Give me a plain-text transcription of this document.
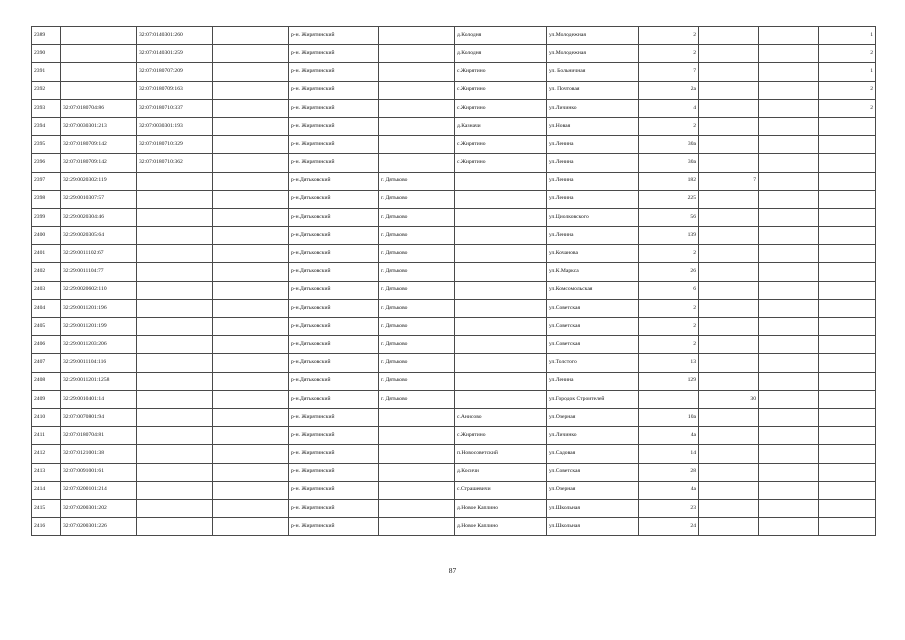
2389		32:07:0140301:260		р-н. Жирятинский		д.Колодня	ул.Молодежная	2			1
2390		32:07:0140301:259		р-н. Жирятинский		д.Колодня	ул.Молодежная	2			2
2391		32:07:0180707:209		р-н. Жирятинский		с.Жирятино	ул. Больничная	7			1
2392		32:07:0180709:163		р-н. Жирятинский		с.Жирятино	ул. Почтовая	2а			2
2393	32:07:0180704:86	32:07:0180710:337		р-н. Жирятинский		с.Жирятино	ул.Личинко	4			2
2394	32:07:0030301:213	32:07:0030301:193		р-н. Жирятинский		д.Казначи	ул.Новая	2			
2395	32:07:0180709:142	32:07:0180710:329		р-н. Жирятинский		с.Жирятино	ул.Ленина	30а			
2396	32:07:0180709:142	32:07:0180710:362		р-н. Жирятинский		с.Жирятино	ул.Ленина	30а			
2397	32:29:0020302:119			р-н.Дятьковский	г. Дятьково		ул.Ленина	182	7		
2398	32:29:0010307:57			р-н.Дятьковский	г. Дятьково		ул.Ленина	225			
2399	32:29:0020304:46			р-н.Дятьковский	г. Дятьково		ул.Циолковского	56			
2400	32:29:0020305:64			р-н.Дятьковский	г. Дятьково		ул.Ленина	139			
2401	32:29:0011102:67			р-н.Дятьковский	г. Дятьково		ул.Кочанова	2			
2402	32:29:0011104:77			р-н.Дятьковский	г. Дятьково		ул.К.Маркса	26			
2403	32:29:0020602:110			р-н.Дятьковский	г. Дятьково		ул.Комсомольская	6			
2404	32:29:0011201:196			р-н.Дятьковский	г. Дятьково		ул.Советская	2			
2405	32:29:0011201:199			р-н.Дятьковский	г. Дятьково		ул.Советская	2			
2406	32:29:0011203:206			р-н.Дятьковский	г. Дятьково		ул.Советская	2			
2407	32:29:0011104:116			р-н.Дятьковский	г. Дятьково		ул.Толстого	13			
2408	32:29:0011201:1258			р-н.Дятьковский	г. Дятьково		ул.Ленина	129			
2409	32:29:0010401:14			р-н.Дятьковский	г. Дятьково		ул.Городок Строителей		30		
2410	32:07:0070801:94			р-н. Жирятинский		с.Анисово	ул.Озерная	10а			
2411	32:07:0180704:81			р-н. Жирятинский		с.Жирятино	ул.Личинко	4а			
2412	32:07:0121001:38			р-н. Жирятинский		п.Новосоветский	ул.Садовая	14			
2413	32:07:0091001:61			р-н. Жирятинский		д.Косичи	ул.Советская	28			
2414	32:07:0200101:214			р-н. Жирятинский		с.Страшевичи	ул.Озерная	4а			
2415	32:07:0200301:202			р-н. Жирятинский		д.Новое Каплино	ул.Школьная	23			
2416	32:07:0200301:226			р-н. Жирятинский		д.Новое Каплино	ул.Школьная	24			
87
